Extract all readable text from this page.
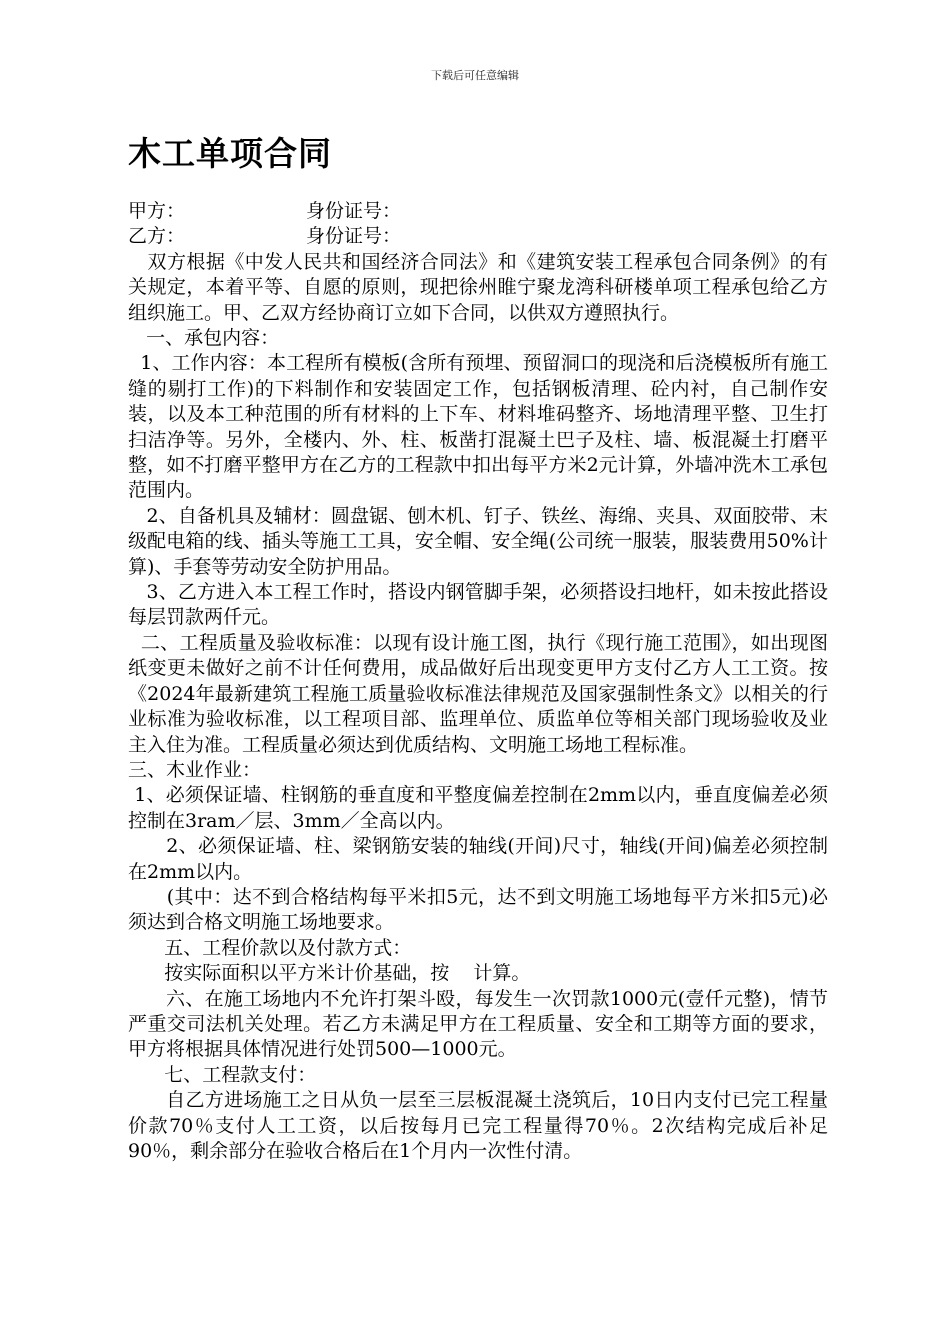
下载后可任意编辑
木工单项合同
甲方：	身份证号：
乙方：	身份证号：

双方根据《中发人民共和国经济合同法》和《建筑安装工程承包合同条例》的有关规定，本着平等、自愿的原则，现把徐州睢宁聚龙湾科研楼单项工程承包给乙方组织施工。甲、乙双方经协商订立如下合同，以供双方遵照执行。

一、承包内容：

1、工作内容：本工程所有模板(含所有预埋、预留洞口的现浇和后浇模板所有施工缝的剔打工作)的下料制作和安装固定工作，包括钢板清理、砼内衬，自己制作安装，以及本工种范围的所有材料的上下车、材料堆码整齐、场地清理平整、卫生打扫洁净等。另外，全楼内、外、柱、板凿打混凝土巴子及柱、墙、板混凝土打磨平整，如不打磨平整甲方在乙方的工程款中扣出每平方米2元计算，外墙冲洗木工承包范围内。

2、自备机具及辅材：圆盘锯、刨木机、钉子、铁丝、海绵、夹具、双面胶带、末级配电箱的线、插头等施工工具，安全帽、安全绳(公司统一服装，服装费用50%计算)、手套等劳动安全防护用品。

3、乙方进入本工程工作时，搭设内钢管脚手架，必须搭设扫地杆，如未按此搭设每层罚款两仟元。

二、工程质量及验收标准：以现有设计施工图，执行《现行施工范围》，如出现图纸变更未做好之前不计任何费用，成品做好后出现变更甲方支付乙方人工工资。按《2024年最新建筑工程施工质量验收标准法律规范及国家强制性条文》以相关的行业标准为验收标准，以工程项目部、监理单位、质监单位等相关部门现场验收及业主入住为准。工程质量必须达到优质结构、文明施工场地工程标准。

三、木业作业：

1、必须保证墙、柱钢筋的垂直度和平整度偏差控制在2mm以内，垂直度偏差必须控制在3ram／层、3mm／全高以内。

2、必须保证墙、柱、梁钢筋安装的轴线(开间)尺寸，轴线(开间)偏差必须控制在2mm以内。

(其中：达不到合格结构每平米扣5元，达不到文明施工场地每平方米扣5元)必须达到合格文明施工场地要求。

五、工程价款以及付款方式：

按实际面积以平方米计价基础，按    计算。

六、在施工场地内不允许打架斗殴，每发生一次罚款1000元(壹仟元整)，情节严重交司法机关处理。若乙方未满足甲方在工程质量、安全和工期等方面的要求，甲方将根据具体情况进行处罚500—1000元。

七、工程款支付：

自乙方进场施工之日从负一层至三层板混凝土浇筑后，10日内支付已完工程量价款70％支付人工工资，以后按每月已完工程量得70％。2次结构完成后补足90％，剩余部分在验收合格后在1个月内一次性付清。
